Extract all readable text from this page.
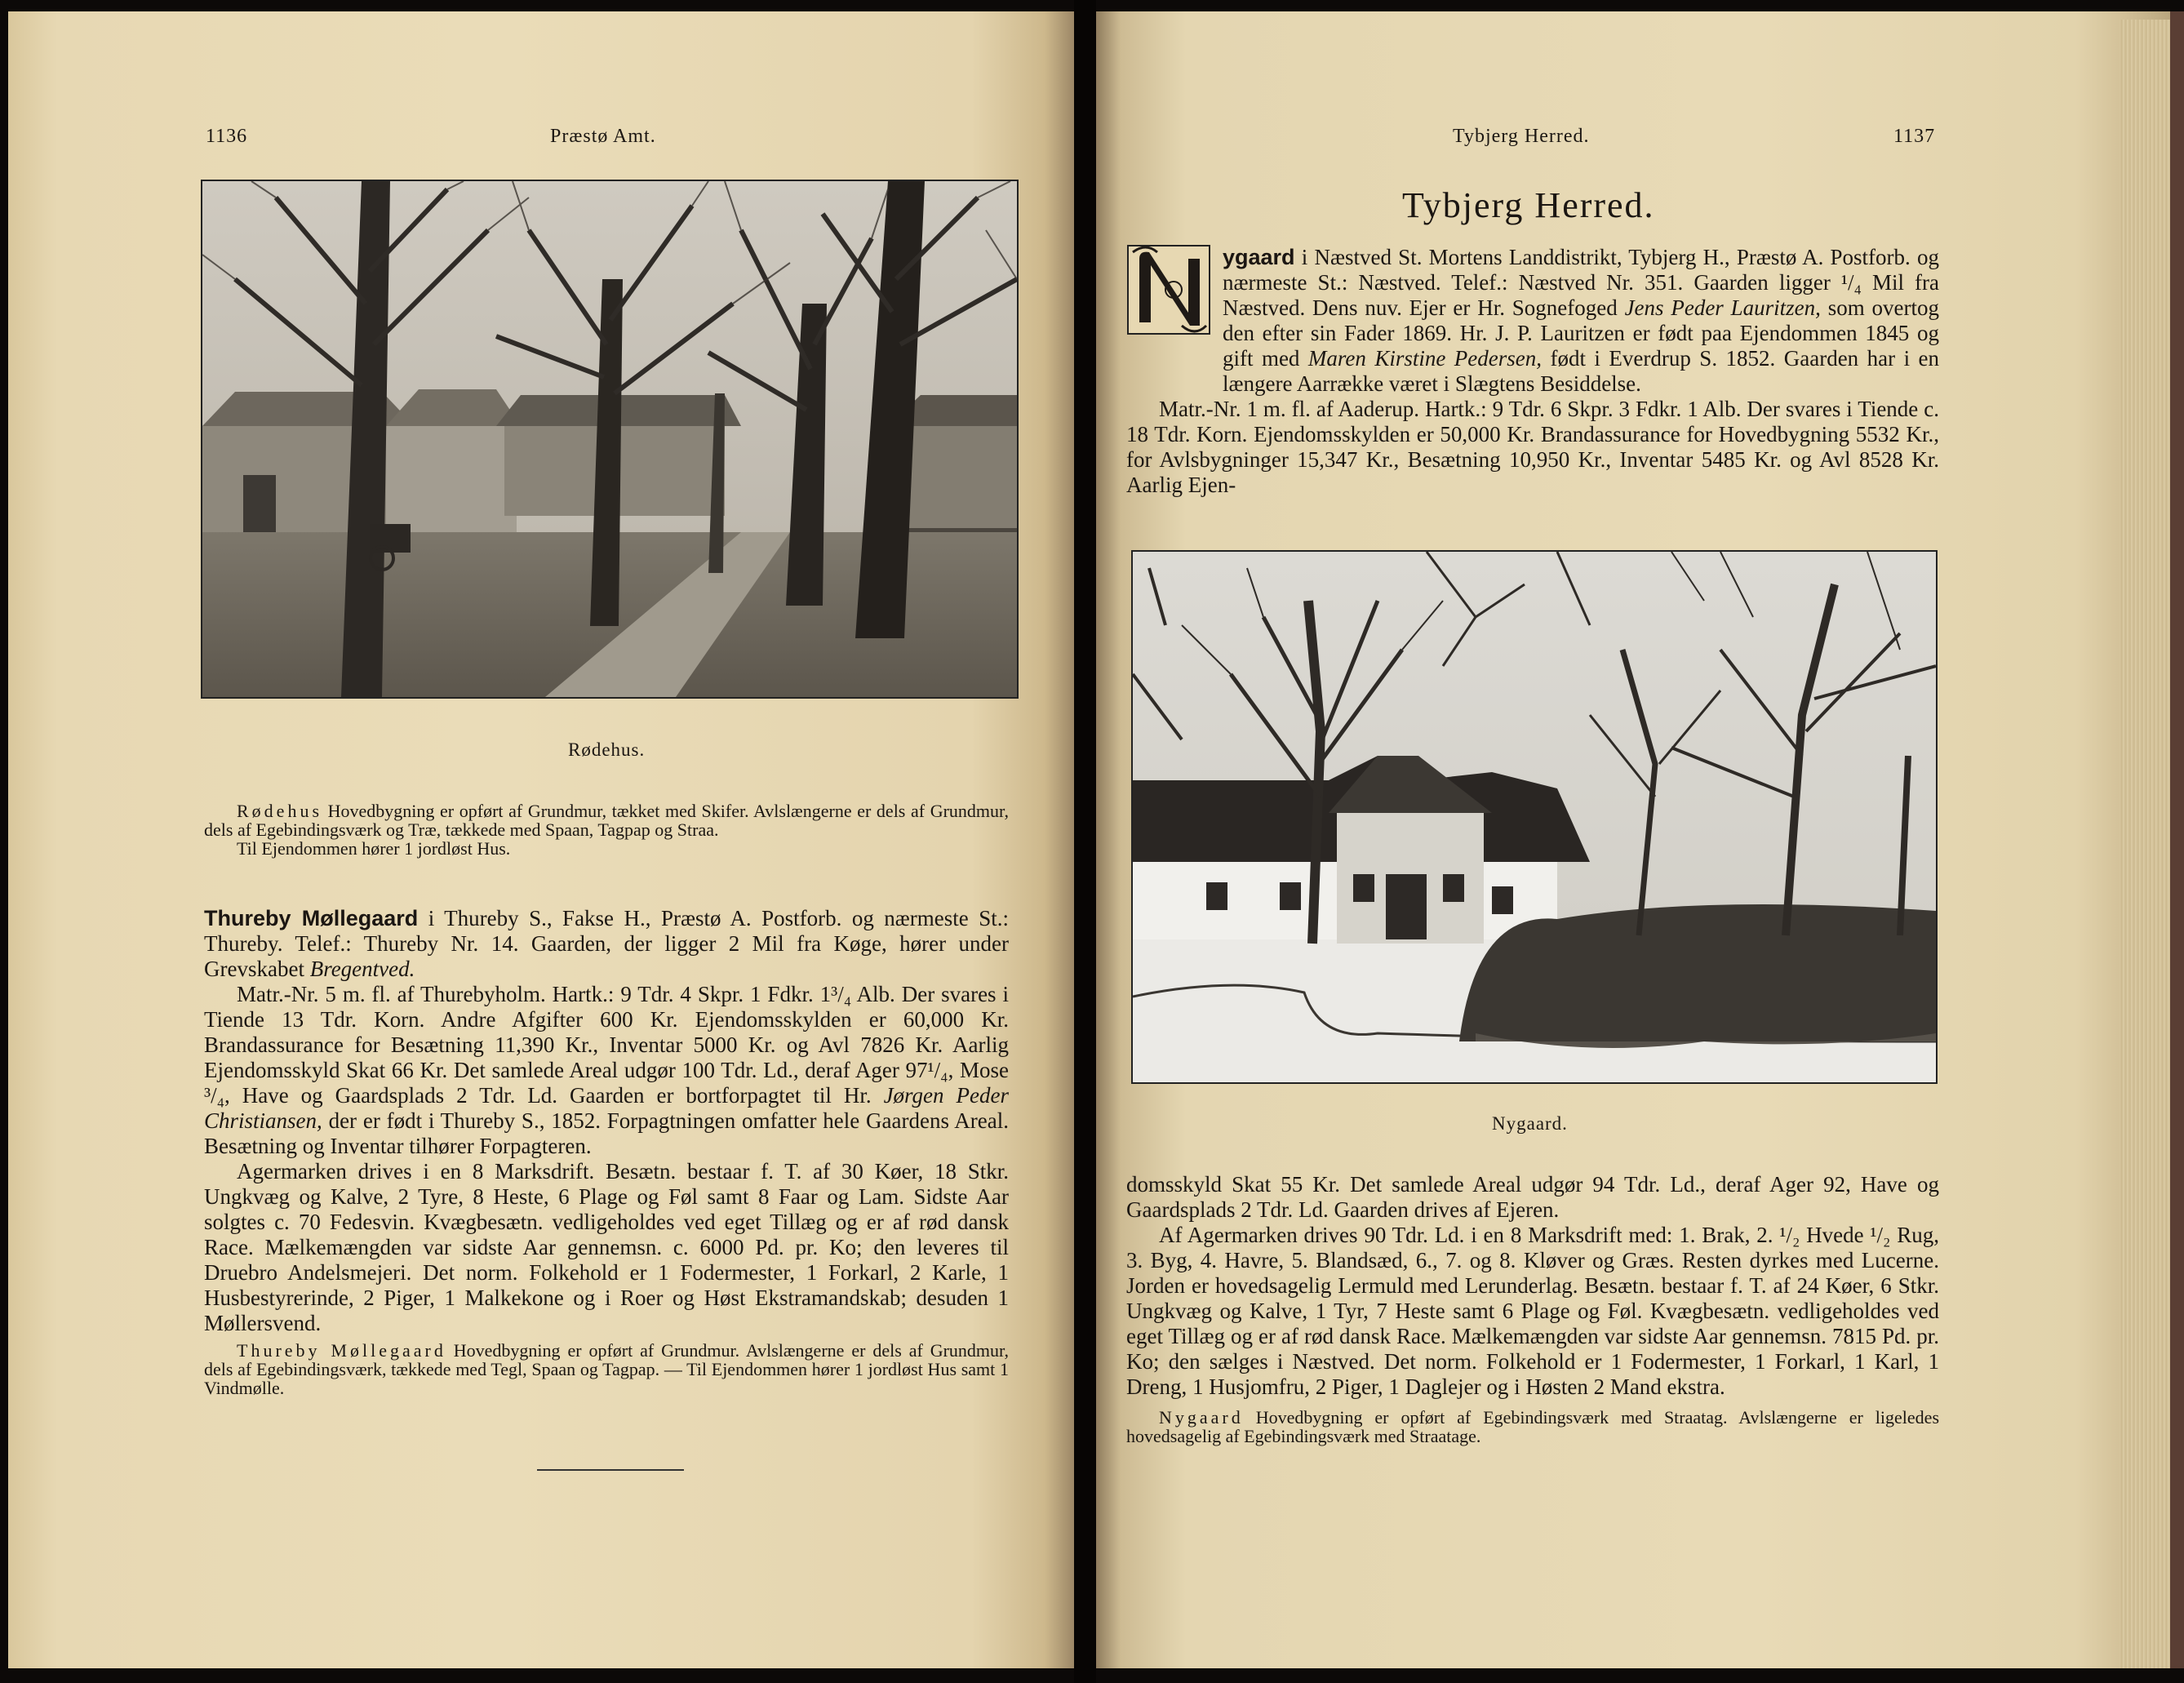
1136	Præstø Amt.
Rødehus.

Rødehus Hovedbygning er opført af Grundmur, tækket med Skifer. Avlslængerne er dels af Grundmur, dels af Egebindingsværk og Træ, tækkede med Spaan, Tagpap og Straa.

Til Ejendommen hører 1 jordløst Hus.

Thureby Møllegaard i Thureby S., Fakse H., Præstø A. Postforb. og nærmeste St.: Thureby. Telef.: Thureby Nr. 14. Gaarden, der ligger 2 Mil fra Køge, hører under Grevskabet Bregentved.

Matr.-Nr. 5 m. fl. af Thurebyholm. Hartk.: 9 Tdr. 4 Skpr. 1 Fdkr. 1³/₄ Alb. Der svares i Tiende 13 Tdr. Korn. Andre Afgifter 600 Kr. Ejendomsskylden er 60,000 Kr. Brandassurance for Besætning 11,390 Kr., Inventar 5000 Kr. og Avl 7826 Kr. Aarlig Ejendomsskyld Skat 66 Kr. Det samlede Areal udgør 100 Tdr. Ld., deraf Ager 97¹/₄, Mose ³/₄, Have og Gaardsplads 2 Tdr. Ld. Gaarden er bortforpagtet til Hr. Jørgen Peder Christiansen, der er født i Thureby S., 1852. Forpagtningen omfatter hele Gaardens Areal. Besætning og Inventar tilhører Forpagteren.

Agermarken drives i en 8 Marksdrift. Besætn. bestaar f. T. af 30 Køer, 18 Stkr. Ungkvæg og Kalve, 2 Tyre, 8 Heste, 6 Plage og Føl samt 8 Faar og Lam. Sidste Aar solgtes c. 70 Fedesvin. Kvægbesætn. vedligeholdes ved eget Tillæg og er af rød dansk Race. Mælkemængden var sidste Aar gennemsn. c. 6000 Pd. pr. Ko; den leveres til Druebro Andelsmejeri. Det norm. Folkehold er 1 Fodermester, 1 Forkarl, 2 Karle, 1 Husbestyrerinde, 2 Piger, 1 Malkekone og i Roer og Høst Ekstramandskab; desuden 1 Møllersvend.

Thureby Møllegaard Hovedbygning er opført af Grundmur. Avlslængerne er dels af Grundmur, dels af Egebindingsværk, tækkede med Tegl, Spaan og Tagpap. — Til Ejendommen hører 1 jordløst Hus samt 1 Vindmølle.

Tybjerg Herred.	1137
Tybjerg Herred.

ygaard i Næstved St. Mortens Landdistrikt, Tybjerg H., Præstø A. Postforb. og nærmeste St.: Næstved. Telef.: Næstved Nr. 351. Gaarden ligger ¹/₄ Mil fra Næstved. Dens nuv. Ejer er Hr. Sognefoged Jens Peder Lauritzen, som overtog den efter sin Fader 1869. Hr. J. P. Lauritzen er født paa Ejendommen 1845 og gift med Maren Kirstine Pedersen, født i Everdrup S. 1852. Gaarden har i en længere Aarrække været i Slægtens Besiddelse.

Matr.-Nr. 1 m. fl. af Aaderup. Hartk.: 9 Tdr. 6 Skpr. 3 Fdkr. 1 Alb. Der svares i Tiende c. 18 Tdr. Korn. Ejendomsskylden er 50,000 Kr. Brandassurance for Hovedbygning 5532 Kr., for Avlsbygninger 15,347 Kr., Besætning 10,950 Kr., Inventar 5485 Kr. og Avl 8528 Kr. Aarlig Ejen-

Nygaard.

domsskyld Skat 55 Kr. Det samlede Areal udgør 94 Tdr. Ld., deraf Ager 92, Have og Gaardsplads 2 Tdr. Ld. Gaarden drives af Ejeren.

Af Agermarken drives 90 Tdr. Ld. i en 8 Marksdrift med: 1. Brak, 2. ¹/₂ Hvede ¹/₂ Rug, 3. Byg, 4. Havre, 5. Blandsæd, 6., 7. og 8. Kløver og Græs. Resten dyrkes med Lucerne. Jorden er hovedsagelig Lermuld med Lerunderlag. Besætn. bestaar f. T. af 24 Køer, 6 Stkr. Ungkvæg og Kalve, 1 Tyr, 7 Heste samt 6 Plage og Føl. Kvægbesætn. vedligeholdes ved eget Tillæg og er af rød dansk Race. Mælkemængden var sidste Aar gennemsn. 7815 Pd. pr. Ko; den sælges i Næstved. Det norm. Folkehold er 1 Fodermester, 1 Forkarl, 1 Karl, 1 Dreng, 1 Husjomfru, 2 Piger, 1 Daglejer og i Høsten 2 Mand ekstra.

Nygaard Hovedbygning er opført af Egebindingsværk med Straatag. Avlslængerne er ligeledes hovedsagelig af Egebindingsværk med Straatage.
